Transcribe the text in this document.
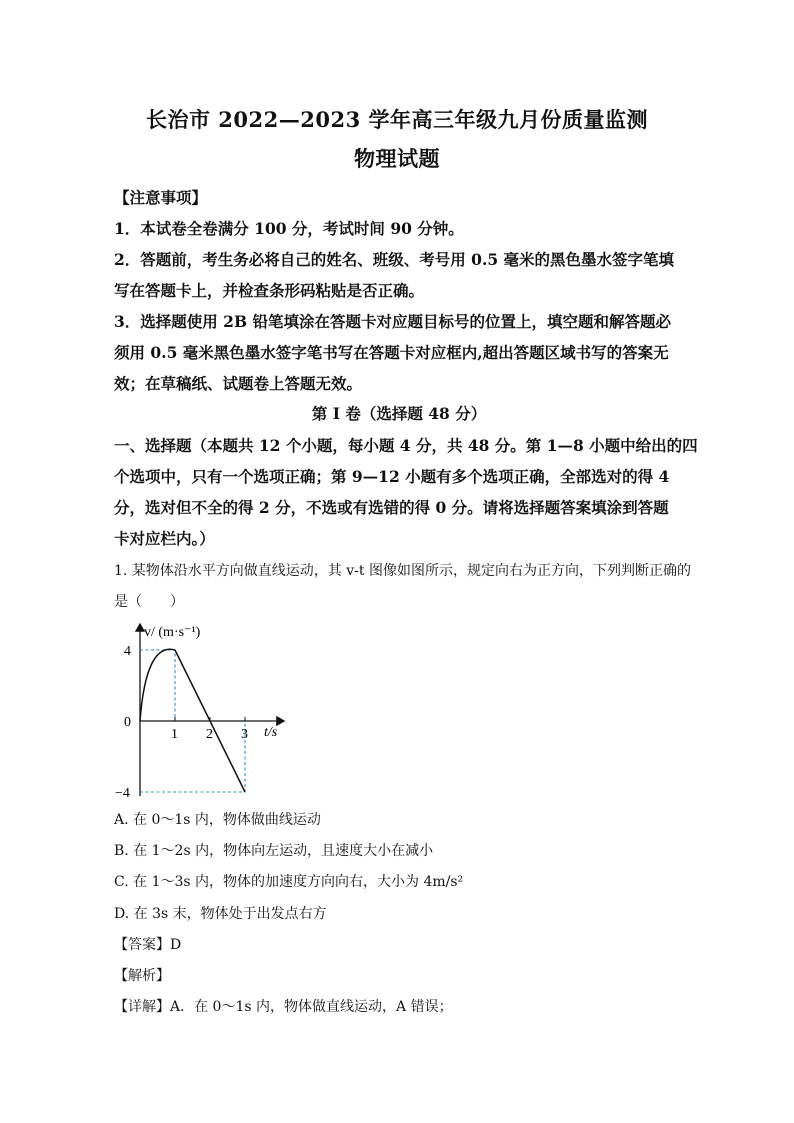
长治市 2022—2023 学年高三年级九月份质量监测
物理试题
【注意事项】
1．本试卷全卷满分 100 分，考试时间 90 分钟。
2．答题前，考生务必将自己的姓名、班级、考号用 0.5 毫米的黑色墨水签字笔填
写在答题卡上，并检查条形码粘贴是否正确。
3．选择题使用 2B 铅笔填涂在答题卡对应题目标号的位置上，填空题和解答题必
须用 0.5 毫米黑色墨水签字笔书写在答题卡对应框内,超出答题区域书写的答案无
效；在草稿纸、试题卷上答题无效。
第 I 卷（选择题 48 分）
一、选择题（本题共 12 个小题，每小题 4 分，共 48 分。第 1—8 小题中给出的四
个选项中，只有一个选项正确；第 9—12 小题有多个选项正确，全部选对的得 4
分，选对但不全的得 2 分，不选或有选错的得 0 分。请将选择题答案填涂到答题
卡对应栏内。）
1. 某物体沿水平方向做直线运动，其 v-t 图像如图所示，规定向右为正方向，下列判断正确的
是（　　）
1 2 3
4
0
−4
v/ (m·s⁻¹)
t/s
A. 在 0～1s 内，物体做曲线运动
B. 在 1～2s 内，物体向左运动，且速度大小在减小
C. 在 1～3s 内，物体的加速度方向向右，大小为 4m/s²
D. 在 3s 末，物体处于出发点右方
【答案】D
【解析】
【详解】A．在 0～1s 内，物体做直线运动，A 错误；
